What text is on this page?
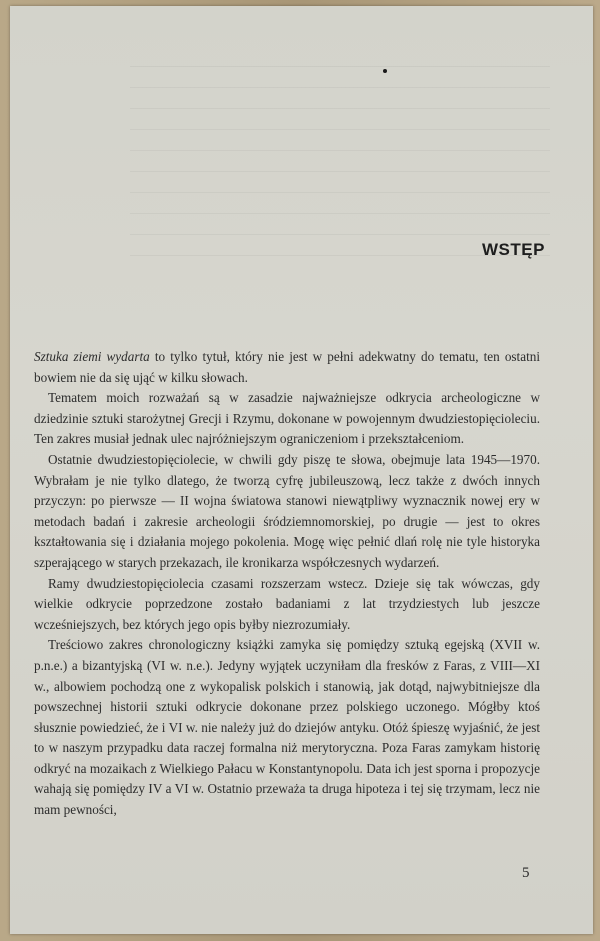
WSTĘP

Sztuka ziemi wydarta to tylko tytuł, który nie jest w pełni adekwatny do tematu, ten ostatni bowiem nie da się ująć w kilku słowach.

Tematem moich rozważań są w zasadzie najważniejsze odkrycia archeologiczne w dziedzinie sztuki starożytnej Grecji i Rzymu, dokonane w powojennym dwudziestopięcioleciu. Ten zakres musiał jednak ulec najróżniejszym ograniczeniom i przekształceniom.

Ostatnie dwudziestopięciolecie, w chwili gdy piszę te słowa, obejmuje lata 1945—1970. Wybrałam je nie tylko dlatego, że tworzą cyfrę jubileuszową, lecz także z dwóch innych przyczyn: po pierwsze — II wojna światowa stanowi niewątpliwy wyznacznik nowej ery w metodach badań i zakresie archeologii śródziemnomorskiej, po drugie — jest to okres kształtowania się i działania mojego pokolenia. Mogę więc pełnić dlań rolę nie tyle historyka szperającego w starych przekazach, ile kronikarza współczesnych wydarzeń.

Ramy dwudziestopięciolecia czasami rozszerzam wstecz. Dzieje się tak wówczas, gdy wielkie odkrycie poprzedzone zostało badaniami z lat trzydziestych lub jeszcze wcześniejszych, bez których jego opis byłby niezrozumiały.

Treściowo zakres chronologiczny książki zamyka się pomiędzy sztuką egejską (XVII w. p.n.e.) a bizantyjską (VI w. n.e.). Jedyny wyjątek uczyniłam dla fresków z Faras, z VIII—XI w., albowiem pochodzą one z wykopalisk polskich i stanowią, jak dotąd, najwybitniejsze dla powszechnej historii sztuki odkrycie dokonane przez polskiego uczonego. Mógłby ktoś słusznie powiedzieć, że i VI w. nie należy już do dziejów antyku. Otóż śpieszę wyjaśnić, że jest to w naszym przypadku data raczej formalna niż merytoryczna. Poza Faras zamykam historię odkryć na mozaikach z Wielkiego Pałacu w Konstantynopolu. Data ich jest sporna i propozycje wahają się pomiędzy IV a VI w. Ostatnio przeważa ta druga hipoteza i tej się trzymam, lecz nie mam pewności,

5
